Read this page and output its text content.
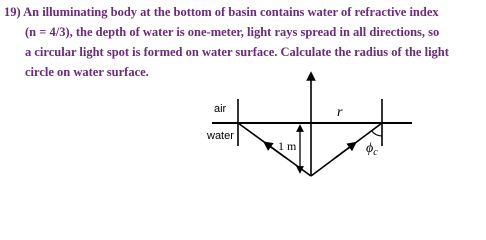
19) An illuminating body at the bottom of basin contains water of refractive index
(n = 4/3), the depth of water is one-meter, light rays spread in all directions, so
a circular light spot is formed on water surface. Calculate the radius of the light
circle on water surface.
air
water
1 m
r
$\phi_c$
